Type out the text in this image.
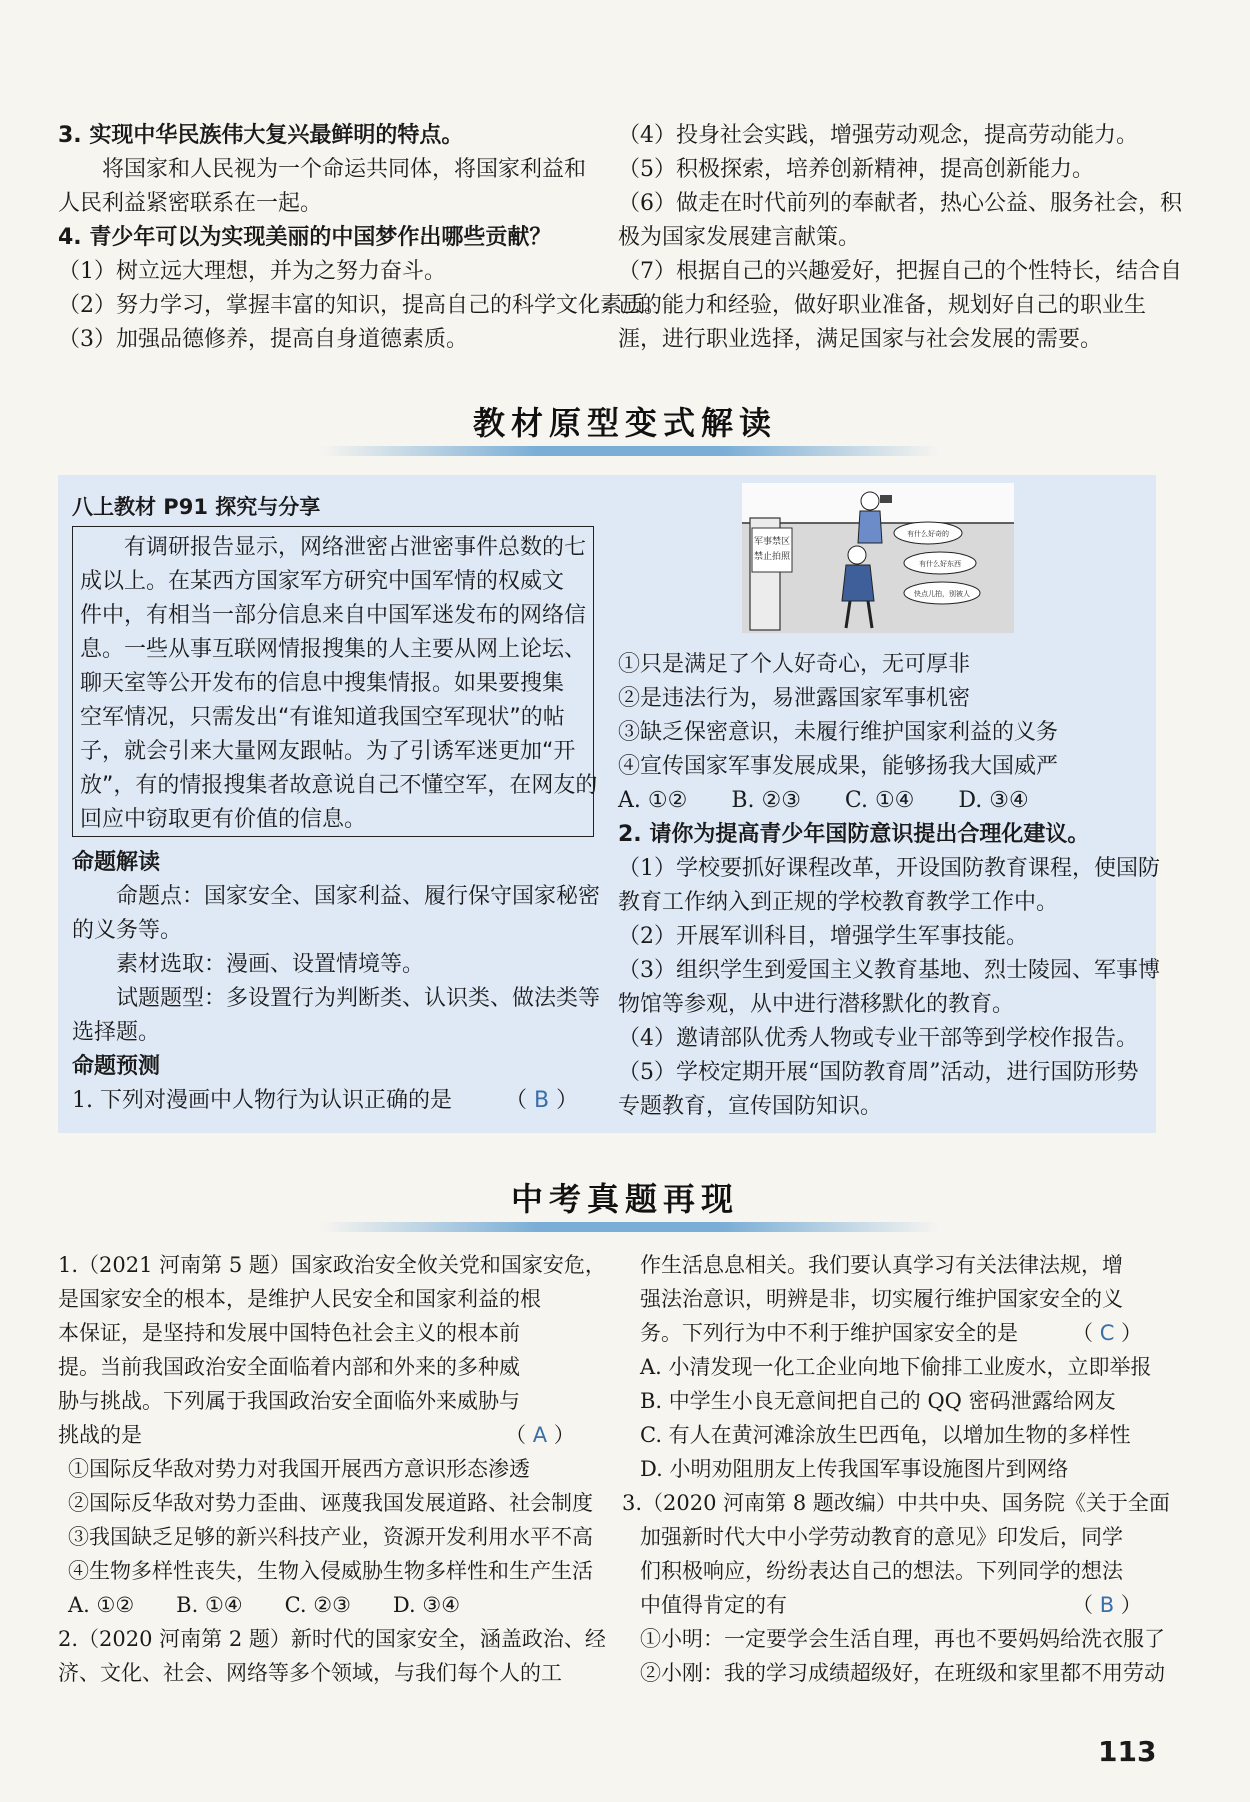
3. 实现中华民族伟大复兴最鲜明的特点。
　　将国家和人民视为一个命运共同体，将国家利益和
人民利益紧密联系在一起。
4. 青少年可以为实现美丽的中国梦作出哪些贡献？
（1）树立远大理想，并为之努力奋斗。
（2）努力学习，掌握丰富的知识，提高自己的科学文化素质。
（3）加强品德修养，提高自身道德素质。
（4）投身社会实践，增强劳动观念，提高劳动能力。
（5）积极探索，培养创新精神，提高创新能力。
（6）做走在时代前列的奉献者，热心公益、服务社会，积
极为国家发展建言献策。
（7）根据自己的兴趣爱好，把握自己的个性特长，结合自
己的能力和经验，做好职业准备，规划好自己的职业生
涯，进行职业选择，满足国家与社会发展的需要。
教材原型变式解读
八上教材 P91 探究与分享
　　有调研报告显示，网络泄密占泄密事件总数的七
成以上。在某西方国家军方研究中国军情的权威文
件中，有相当一部分信息来自中国军迷发布的网络信
息。一些从事互联网情报搜集的人主要从网上论坛、
聊天室等公开发布的信息中搜集情报。如果要搜集
空军情况，只需发出“有谁知道我国空军现状”的帖
子，就会引来大量网友跟帖。为了引诱军迷更加“开
放”，有的情报搜集者故意说自己不懂空军，在网友的
回应中窃取更有价值的信息。
命题解读
　　命题点：国家安全、国家利益、履行保守国家秘密
的义务等。
　　素材选取：漫画、设置情境等。
　　试题题型：多设置行为判断类、认识类、做法类等
选择题。
命题预测
1. 下列对漫画中人物行为认识正确的是 （ B ）
军事禁区
禁止拍照
有什么好奇的
有什么好东西
快点儿拍，别被人
①只是满足了个人好奇心，无可厚非
②是违法行为，易泄露国家军事机密
③缺乏保密意识，未履行维护国家利益的义务
④宣传国家军事发展成果，能够扬我大国威严
A. ①②　　B. ②③　　C. ①④　　D. ③④
2. 请你为提高青少年国防意识提出合理化建议。
（1）学校要抓好课程改革，开设国防教育课程，使国防
教育工作纳入到正规的学校教育教学工作中。
（2）开展军训科目，增强学生军事技能。
（3）组织学生到爱国主义教育基地、烈士陵园、军事博
物馆等参观，从中进行潜移默化的教育。
（4）邀请部队优秀人物或专业干部等到学校作报告。
（5）学校定期开展“国防教育周”活动，进行国防形势
专题教育，宣传国防知识。
中考真题再现
1.（2021 河南第 5 题）国家政治安全攸关党和国家安危，
是国家安全的根本，是维护人民安全和国家利益的根
本保证，是坚持和发展中国特色社会主义的根本前
提。当前我国政治安全面临着内部和外来的多种威
胁与挑战。下列属于我国政治安全面临外来威胁与
挑战的是	（ A ）
①国际反华敌对势力对我国开展西方意识形态渗透
②国际反华敌对势力歪曲、诬蔑我国发展道路、社会制度
③我国缺乏足够的新兴科技产业，资源开发利用水平不高
④生物多样性丧失，生物入侵威胁生物多样性和生产生活
A. ①②　　B. ①④　　C. ②③　　D. ③④
2.（2020 河南第 2 题）新时代的国家安全，涵盖政治、经
济、文化、社会、网络等多个领域，与我们每个人的工
作生活息息相关。我们要认真学习有关法律法规，增
强法治意识，明辨是非，切实履行维护国家安全的义
务。下列行为中不利于维护国家安全的是	（ C ）
A. 小清发现一化工企业向地下偷排工业废水，立即举报
B. 中学生小良无意间把自己的 QQ 密码泄露给网友
C. 有人在黄河滩涂放生巴西龟，以增加生物的多样性
D. 小明劝阻朋友上传我国军事设施图片到网络
3.（2020 河南第 8 题改编）中共中央、国务院《关于全面
加强新时代大中小学劳动教育的意见》印发后，同学
们积极响应，纷纷表达自己的想法。下列同学的想法
中值得肯定的有	（ B ）
①小明：一定要学会生活自理，再也不要妈妈给洗衣服了
②小刚：我的学习成绩超级好，在班级和家里都不用劳动
113
